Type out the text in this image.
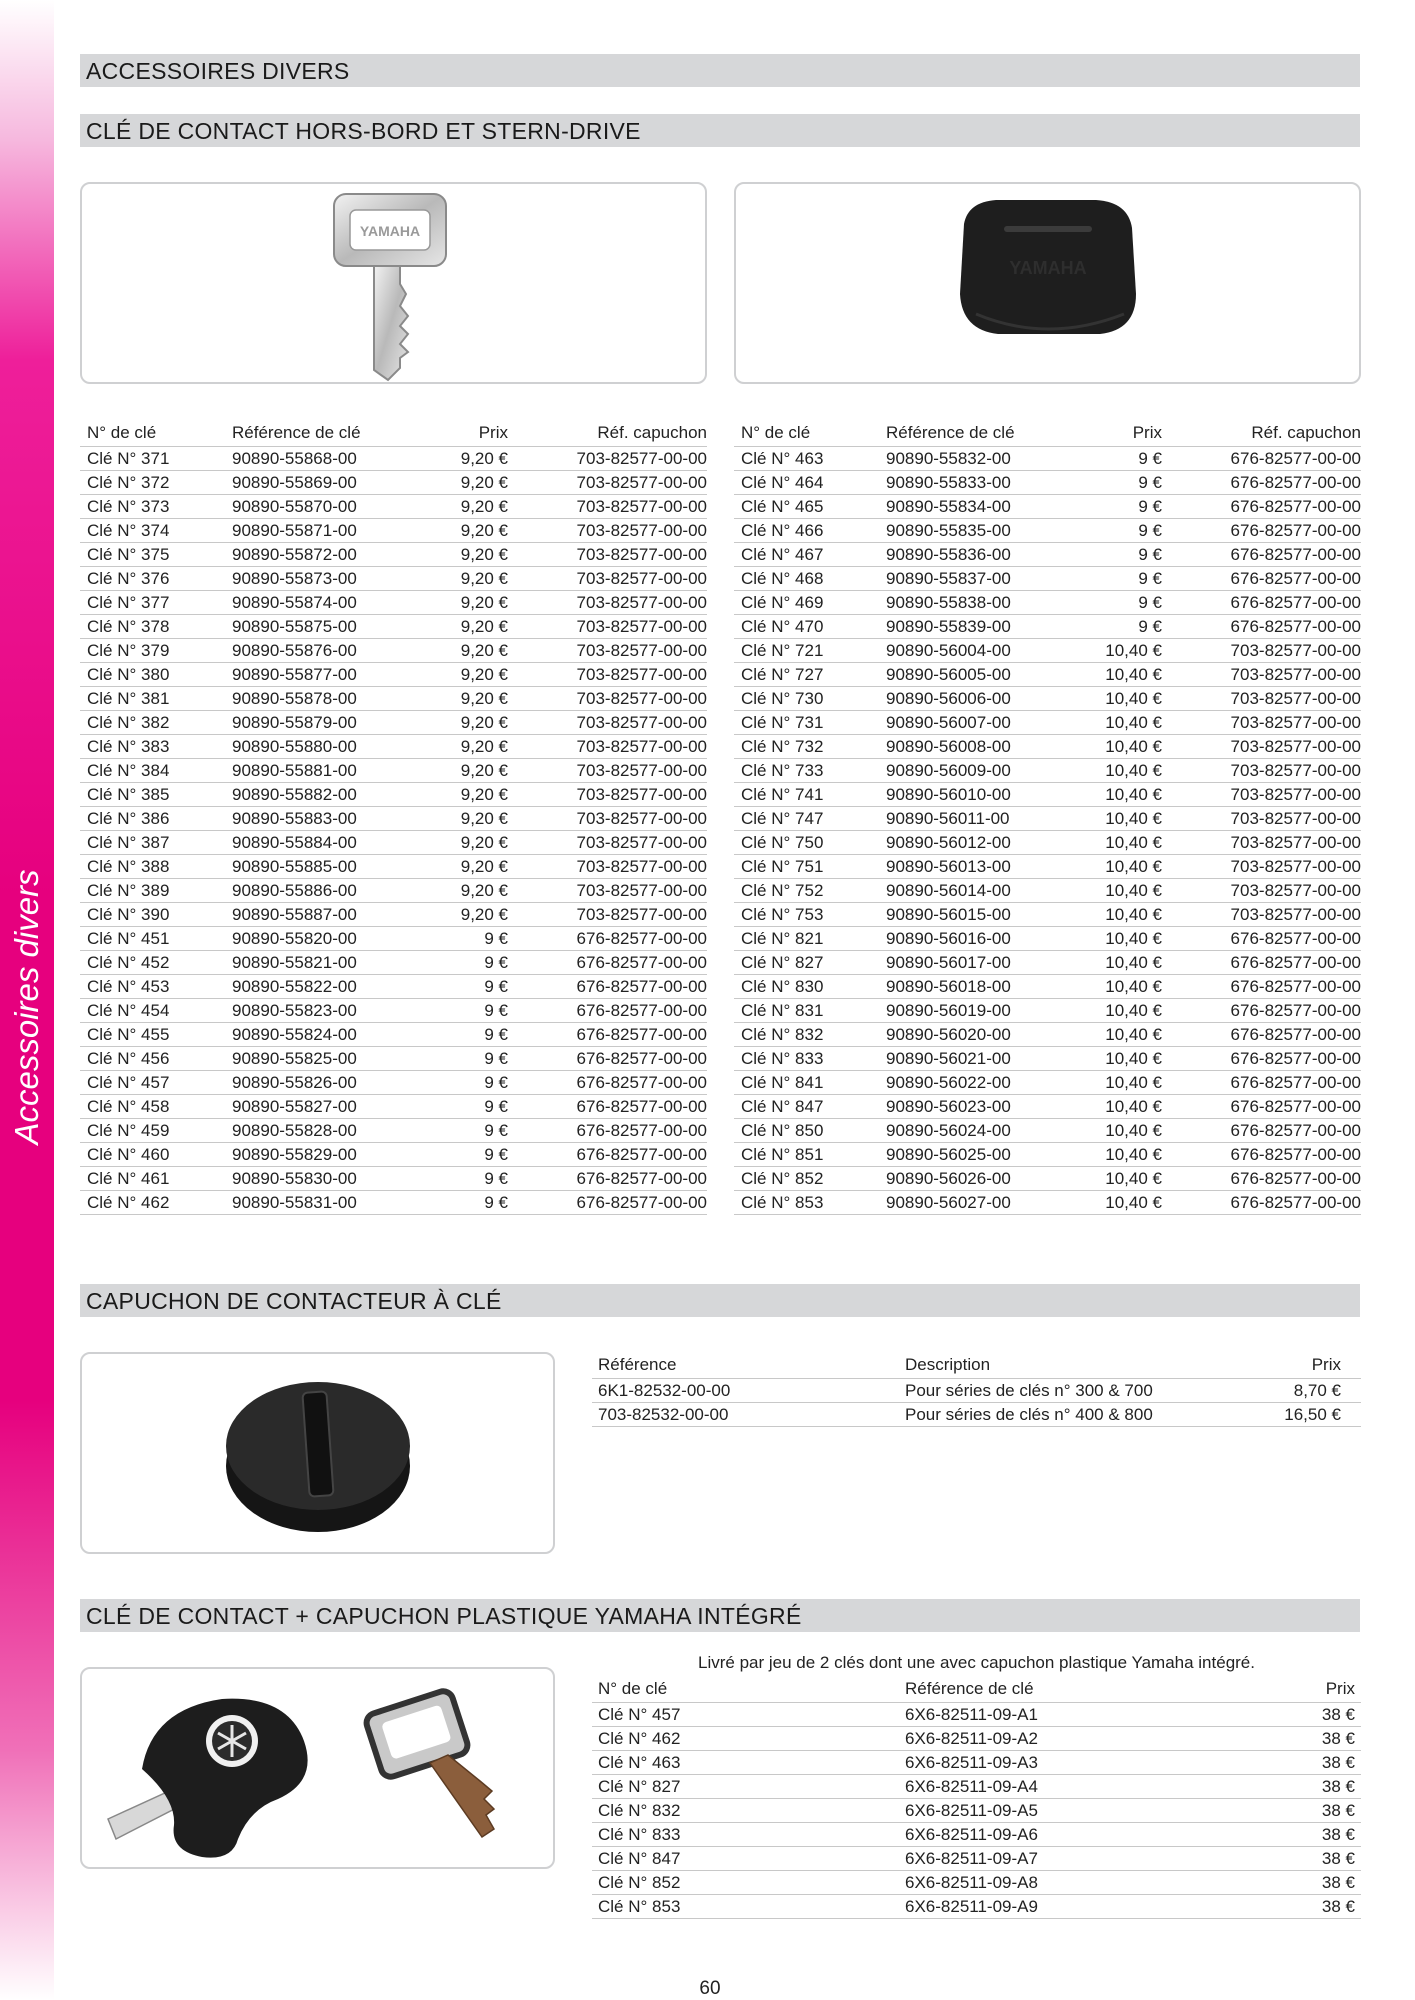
Accessoires divers
ACCESSOIRES DIVERS
CLÉ DE CONTACT HORS-BORD ET STERN-DRIVE
YAMAHA
YAMAHA
N° de clé	Référence de clé	Prix	Réf. capuchon
Clé N° 371	90890-55868-00	9,20 €	703-82577-00-00
Clé N° 372	90890-55869-00	9,20 €	703-82577-00-00
Clé N° 373	90890-55870-00	9,20 €	703-82577-00-00
Clé N° 374	90890-55871-00	9,20 €	703-82577-00-00
Clé N° 375	90890-55872-00	9,20 €	703-82577-00-00
Clé N° 376	90890-55873-00	9,20 €	703-82577-00-00
Clé N° 377	90890-55874-00	9,20 €	703-82577-00-00
Clé N° 378	90890-55875-00	9,20 €	703-82577-00-00
Clé N° 379	90890-55876-00	9,20 €	703-82577-00-00
Clé N° 380	90890-55877-00	9,20 €	703-82577-00-00
Clé N° 381	90890-55878-00	9,20 €	703-82577-00-00
Clé N° 382	90890-55879-00	9,20 €	703-82577-00-00
Clé N° 383	90890-55880-00	9,20 €	703-82577-00-00
Clé N° 384	90890-55881-00	9,20 €	703-82577-00-00
Clé N° 385	90890-55882-00	9,20 €	703-82577-00-00
Clé N° 386	90890-55883-00	9,20 €	703-82577-00-00
Clé N° 387	90890-55884-00	9,20 €	703-82577-00-00
Clé N° 388	90890-55885-00	9,20 €	703-82577-00-00
Clé N° 389	90890-55886-00	9,20 €	703-82577-00-00
Clé N° 390	90890-55887-00	9,20 €	703-82577-00-00
Clé N° 451	90890-55820-00	9 €	676-82577-00-00
Clé N° 452	90890-55821-00	9 €	676-82577-00-00
Clé N° 453	90890-55822-00	9 €	676-82577-00-00
Clé N° 454	90890-55823-00	9 €	676-82577-00-00
Clé N° 455	90890-55824-00	9 €	676-82577-00-00
Clé N° 456	90890-55825-00	9 €	676-82577-00-00
Clé N° 457	90890-55826-00	9 €	676-82577-00-00
Clé N° 458	90890-55827-00	9 €	676-82577-00-00
Clé N° 459	90890-55828-00	9 €	676-82577-00-00
Clé N° 460	90890-55829-00	9 €	676-82577-00-00
Clé N° 461	90890-55830-00	9 €	676-82577-00-00
Clé N° 462	90890-55831-00	9 €	676-82577-00-00
N° de clé	Référence de clé	Prix	Réf. capuchon
Clé N° 463	90890-55832-00	9 €	676-82577-00-00
Clé N° 464	90890-55833-00	9 €	676-82577-00-00
Clé N° 465	90890-55834-00	9 €	676-82577-00-00
Clé N° 466	90890-55835-00	9 €	676-82577-00-00
Clé N° 467	90890-55836-00	9 €	676-82577-00-00
Clé N° 468	90890-55837-00	9 €	676-82577-00-00
Clé N° 469	90890-55838-00	9 €	676-82577-00-00
Clé N° 470	90890-55839-00	9 €	676-82577-00-00
Clé N° 721	90890-56004-00	10,40 €	703-82577-00-00
Clé N° 727	90890-56005-00	10,40 €	703-82577-00-00
Clé N° 730	90890-56006-00	10,40 €	703-82577-00-00
Clé N° 731	90890-56007-00	10,40 €	703-82577-00-00
Clé N° 732	90890-56008-00	10,40 €	703-82577-00-00
Clé N° 733	90890-56009-00	10,40 €	703-82577-00-00
Clé N° 741	90890-56010-00	10,40 €	703-82577-00-00
Clé N° 747	90890-56011-00	10,40 €	703-82577-00-00
Clé N° 750	90890-56012-00	10,40 €	703-82577-00-00
Clé N° 751	90890-56013-00	10,40 €	703-82577-00-00
Clé N° 752	90890-56014-00	10,40 €	703-82577-00-00
Clé N° 753	90890-56015-00	10,40 €	703-82577-00-00
Clé N° 821	90890-56016-00	10,40 €	676-82577-00-00
Clé N° 827	90890-56017-00	10,40 €	676-82577-00-00
Clé N° 830	90890-56018-00	10,40 €	676-82577-00-00
Clé N° 831	90890-56019-00	10,40 €	676-82577-00-00
Clé N° 832	90890-56020-00	10,40 €	676-82577-00-00
Clé N° 833	90890-56021-00	10,40 €	676-82577-00-00
Clé N° 841	90890-56022-00	10,40 €	676-82577-00-00
Clé N° 847	90890-56023-00	10,40 €	676-82577-00-00
Clé N° 850	90890-56024-00	10,40 €	676-82577-00-00
Clé N° 851	90890-56025-00	10,40 €	676-82577-00-00
Clé N° 852	90890-56026-00	10,40 €	676-82577-00-00
Clé N° 853	90890-56027-00	10,40 €	676-82577-00-00
CAPUCHON DE CONTACTEUR À CLÉ
Référence	Description	Prix
6K1-82532-00-00	Pour séries de clés n° 300 & 700	8,70 €
703-82532-00-00	Pour séries de clés n° 400 & 800	16,50 €
CLÉ DE CONTACT + CAPUCHON PLASTIQUE YAMAHA INTÉGRÉ
Livré par jeu de 2 clés dont une avec capuchon plastique Yamaha intégré.
N° de clé	Référence de clé	Prix
Clé N° 457	6X6-82511-09-A1	38 €
Clé N° 462	6X6-82511-09-A2	38 €
Clé N° 463	6X6-82511-09-A3	38 €
Clé N° 827	6X6-82511-09-A4	38 €
Clé N° 832	6X6-82511-09-A5	38 €
Clé N° 833	6X6-82511-09-A6	38 €
Clé N° 847	6X6-82511-09-A7	38 €
Clé N° 852	6X6-82511-09-A8	38 €
Clé N° 853	6X6-82511-09-A9	38 €
60
